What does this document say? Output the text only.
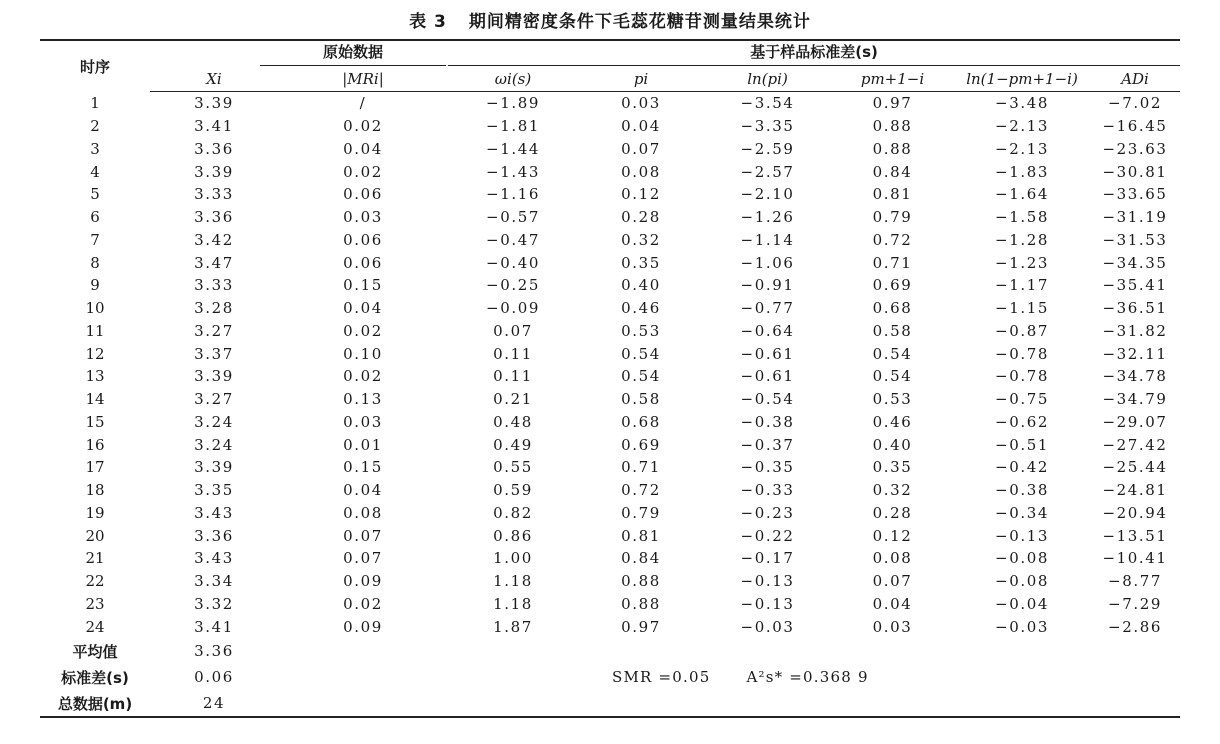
表 3 期间精密度条件下毛蕊花糖苷测量结果统计
时序	原始数据		基于样品标准差(s)					

	Xi	|MRi|	ωi(s)	pi	ln(pi)	pm+1−i	ln(1−pm+1−i)	ADi
1	3.39	/	−1.89	0.03	−3.54	0.97	−3.48	−7.02
2	3.41	0.02	−1.81	0.04	−3.35	0.88	−2.13	−16.45
3	3.36	0.04	−1.44	0.07	−2.59	0.88	−2.13	−23.63
4	3.39	0.02	−1.43	0.08	−2.57	0.84	−1.83	−30.81
5	3.33	0.06	−1.16	0.12	−2.10	0.81	−1.64	−33.65
6	3.36	0.03	−0.57	0.28	−1.26	0.79	−1.58	−31.19
7	3.42	0.06	−0.47	0.32	−1.14	0.72	−1.28	−31.53
8	3.47	0.06	−0.40	0.35	−1.06	0.71	−1.23	−34.35
9	3.33	0.15	−0.25	0.40	−0.91	0.69	−1.17	−35.41
10	3.28	0.04	−0.09	0.46	−0.77	0.68	−1.15	−36.51
11	3.27	0.02	0.07	0.53	−0.64	0.58	−0.87	−31.82
12	3.37	0.10	0.11	0.54	−0.61	0.54	−0.78	−32.11
13	3.39	0.02	0.11	0.54	−0.61	0.54	−0.78	−34.78
14	3.27	0.13	0.21	0.58	−0.54	0.53	−0.75	−34.79
15	3.24	0.03	0.48	0.68	−0.38	0.46	−0.62	−29.07
16	3.24	0.01	0.49	0.69	−0.37	0.40	−0.51	−27.42
17	3.39	0.15	0.55	0.71	−0.35	0.35	−0.42	−25.44
18	3.35	0.04	0.59	0.72	−0.33	0.32	−0.38	−24.81
19	3.43	0.08	0.82	0.79	−0.23	0.28	−0.34	−20.94
20	3.36	0.07	0.86	0.81	−0.22	0.12	−0.13	−13.51
21	3.43	0.07	1.00	0.84	−0.17	0.08	−0.08	−10.41
22	3.34	0.09	1.18	0.88	−0.13	0.07	−0.08	−8.77
23	3.32	0.02	1.18	0.88	−0.13	0.04	−0.04	−7.29
24	3.41	0.09	1.87	0.97	−0.03	0.03	−0.03	−2.86
平均值	3.36							
标准差(s)	0.06							
总数据(m)	24							
SMR =0.05 A²s* =0.368 9
